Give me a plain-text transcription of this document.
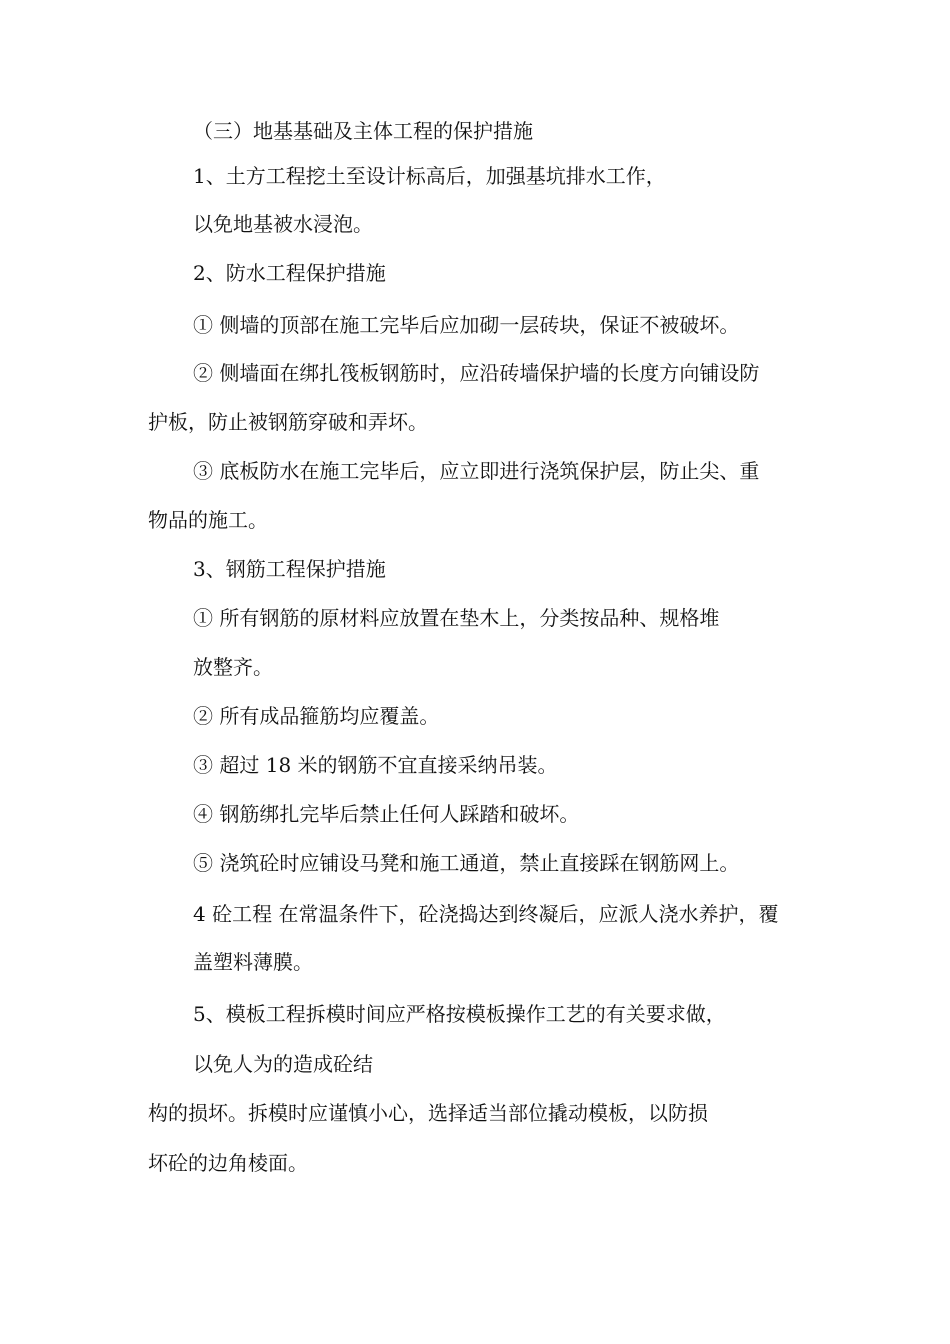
（三）地基基础及主体工程的保护措施
1、土方工程挖土至设计标高后，加强基坑排水工作，
以免地基被水浸泡。
2、防水工程保护措施
① 侧墙的顶部在施工完毕后应加砌一层砖块，保证不被破坏。
② 侧墙面在绑扎筏板钢筋时，应沿砖墙保护墙的长度方向铺设防
护板，防止被钢筋穿破和弄坏。
③ 底板防水在施工完毕后，应立即进行浇筑保护层，防止尖、重
物品的施工。
3、钢筋工程保护措施
① 所有钢筋的原材料应放置在垫木上，分类按品种、规格堆
放整齐。
② 所有成品箍筋均应覆盖。
③ 超过 18 米的钢筋不宜直接采纳吊装。
④ 钢筋绑扎完毕后禁止任何人踩踏和破坏。
⑤ 浇筑砼时应铺设马凳和施工通道，禁止直接踩在钢筋网上。
4 砼工程 在常温条件下，砼浇捣达到终凝后，应派人浇水养护，覆
盖塑料薄膜。
5、模板工程拆模时间应严格按模板操作工艺的有关要求做，
以免人为的造成砼结
构的损坏。拆模时应谨慎小心，选择适当部位撬动模板，以防损
坏砼的边角棱面。
